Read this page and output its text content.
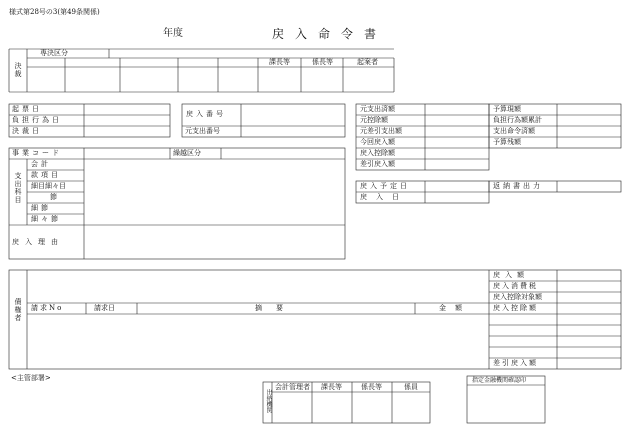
様式第28号の3(第49条関係)
年度	戻入命令書
決裁
専決区分
課長等	係長等	起案者
起票日
負担行為日
決裁日
戻入番号
元支出番号
元支出済額
元控除額
元差引支出額
今回戻入額
戻入控除額
差引戻入額
予算現額
負担行為額累計
支出命令済額
予算残額
事業コード	繰越区分
支出科目
会計
款項目
細目細々目
節
細節
細々節
戻入理由
戻入予定日
戻入日
返納書出力
債権者 請求No	請求日	摘要	金額
戻入額
戻入消費税
戻入控除対象額
戻入控除額
差引戻入額
<主管部署>
出納機関
会計管理者 課長等	係長等	係員
指定金融機関確認印
